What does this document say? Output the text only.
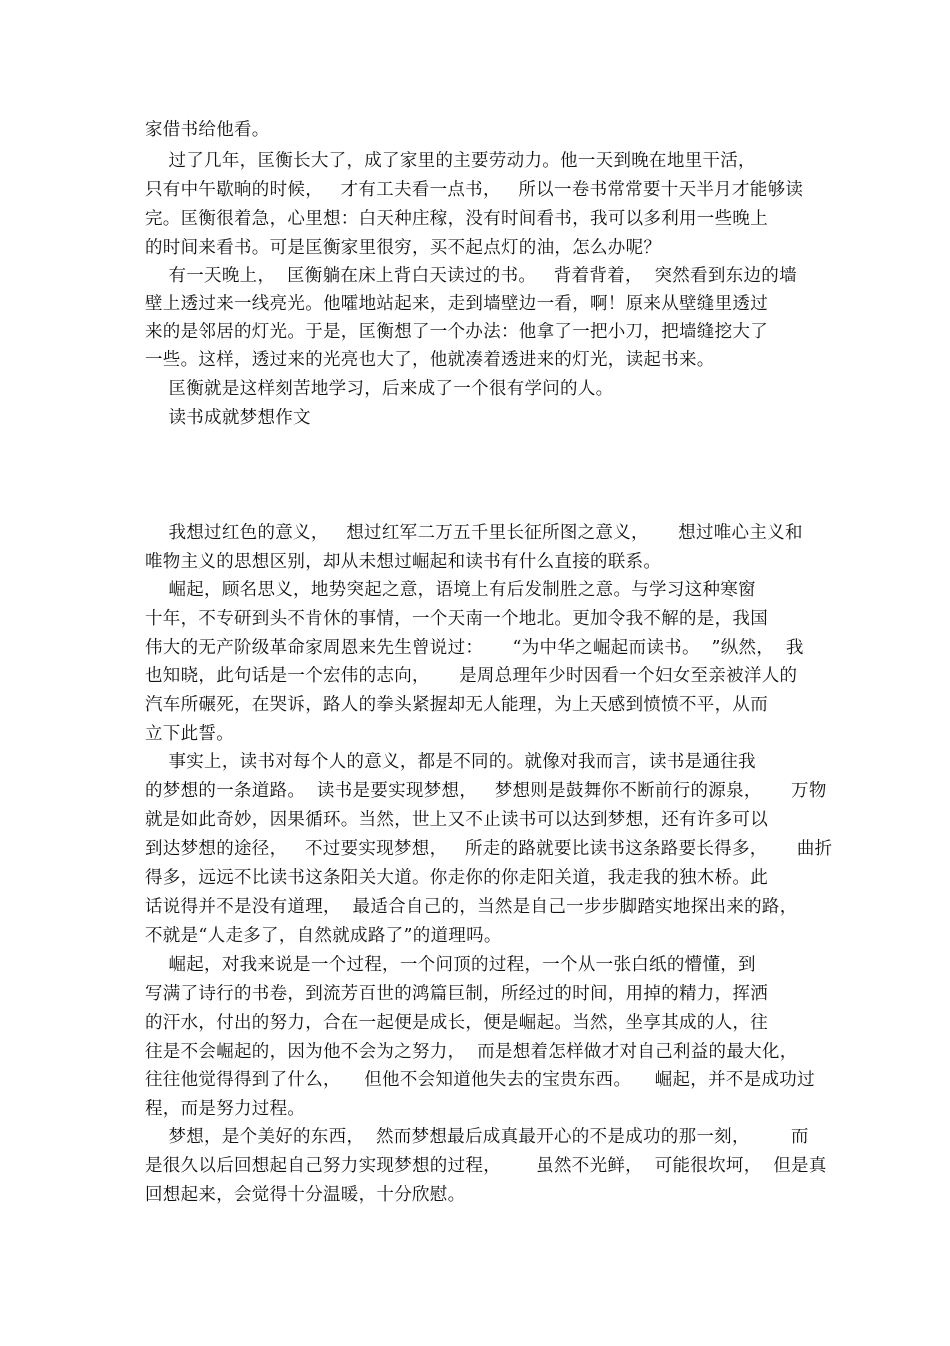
家借书给他看。
过了几年，匡衡长大了，成了家里的主要劳动力。他一天到晚在地里干活，
只有中午歇晌的时候，   才有工夫看一点书，   所以一卷书常常要十天半月才能够读
完。匡衡很着急，心里想：白天种庄稼，没有时间看书，我可以多利用一些晚上
的时间来看书。可是匡衡家里很穷，买不起点灯的油，怎么办呢？
有一天晚上，  匡衡躺在床上背白天读过的书。   背着背着，  突然看到东边的墙
壁上透过来一线亮光。他嚯地站起来，走到墙壁边一看，啊！原来从壁缝里透过
来的是邻居的灯光。于是，匡衡想了一个办法：他拿了一把小刀，把墙缝挖大了
一些。这样，透过来的光亮也大了，他就凑着透进来的灯光，读起书来。
匡衡就是这样刻苦地学习，后来成了一个很有学问的人。
读书成就梦想作文
我想过红色的意义，   想过红军二万五千里长征所图之意义，     想过唯心主义和
唯物主义的思想区别，却从未想过崛起和读书有什么直接的联系。
崛起，顾名思义，地势突起之意，语境上有后发制胜之意。与学习这种寒窗
十年，不专研到头不肯休的事情，一个天南一个地北。更加令我不解的是，我国
伟大的无产阶级革命家周恩来先生曾说过：     “为中华之崛起而读书。  ”纵然，  我
也知晓，此句话是一个宏伟的志向，     是周总理年少时因看一个妇女至亲被洋人的
汽车所碾死，在哭诉，路人的拳头紧握却无人能理，为上天感到愤愤不平，从而
立下此誓。
事实上，读书对每个人的意义，都是不同的。就像对我而言，读书是通往我
的梦想的一条道路。  读书是要实现梦想，   梦想则是鼓舞你不断前行的源泉，     万物
就是如此奇妙，因果循环。当然，世上又不止读书可以达到梦想，还有许多可以
到达梦想的途径，   不过要实现梦想，   所走的路就要比读书这条路要长得多，     曲折
得多，远远不比读书这条阳关大道。你走你的你走阳关道，我走我的独木桥。此
话说得并不是没有道理，  最适合自己的，当然是自己一步步脚踏实地探出来的路，
不就是“人走多了，自然就成路了”的道理吗。
崛起，对我来说是一个过程，一个问顶的过程，一个从一张白纸的懵懂，到
写满了诗行的书卷，到流芳百世的鸿篇巨制，所经过的时间，用掉的精力，挥洒
的汗水，付出的努力，合在一起便是成长，便是崛起。当然，坐享其成的人，往
往是不会崛起的，因为他不会为之努力，  而是想着怎样做才对自己利益的最大化，
往往他觉得得到了什么，    但他不会知道他失去的宝贵东西。    崛起，并不是成功过
程，而是努力过程。
梦想，是个美好的东西，  然而梦想最后成真最开心的不是成功的那一刻，       而
是很久以后回想起自己努力实现梦想的过程，      虽然不光鲜，  可能很坎坷，  但是真
回想起来，会觉得十分温暖，十分欣慰。
